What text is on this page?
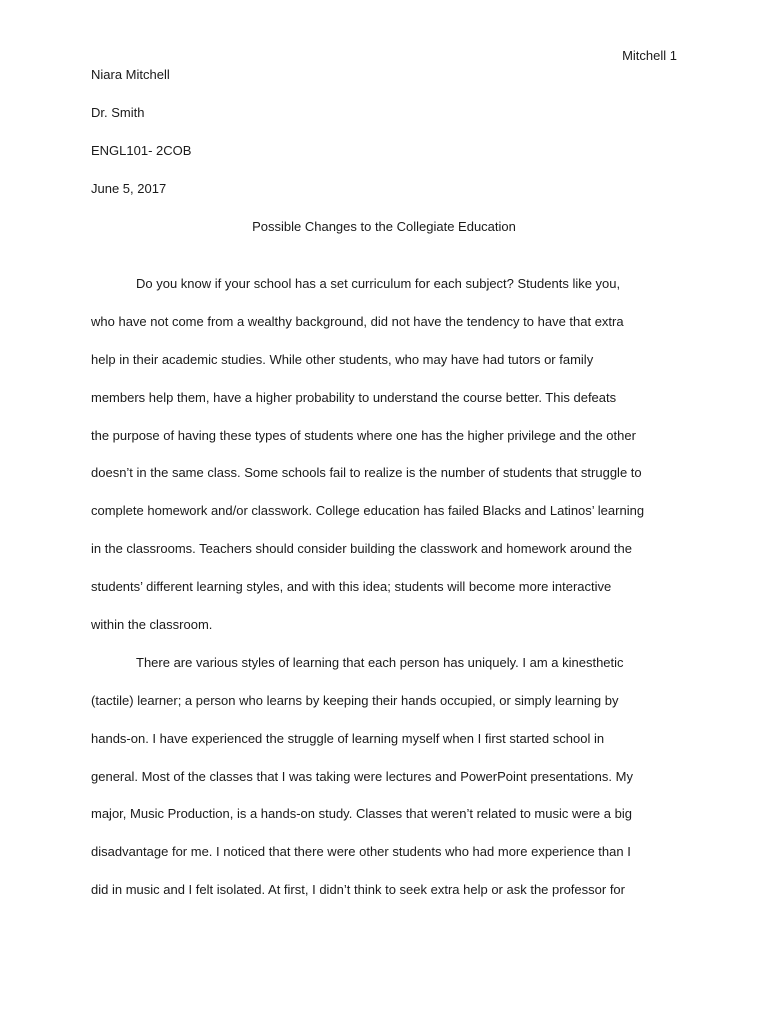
Mitchell 1
Niara Mitchell
Dr. Smith
ENGL101- 2COB
June 5, 2017
Possible Changes to the Collegiate Education
Do you know if your school has a set curriculum for each subject? Students like you,
who have not come from a wealthy background, did not have the tendency to have that extra
help in their academic studies. While other students, who may have had tutors or family
members help them, have a higher probability to understand the course better. This defeats
the purpose of having these types of students where one has the higher privilege and the other
doesn’t in the same class. Some schools fail to realize is the number of students that struggle to
complete homework and/or classwork. College education has failed Blacks and Latinos’ learning
in the classrooms. Teachers should consider building the classwork and homework around the
students’ different learning styles, and with this idea; students will become more interactive
within the classroom.
There are various styles of learning that each person has uniquely. I am a kinesthetic
(tactile) learner; a person who learns by keeping their hands occupied, or simply learning by
hands-on. I have experienced the struggle of learning myself when I first started school in
general. Most of the classes that I was taking were lectures and PowerPoint presentations. My
major, Music Production, is a hands-on study. Classes that weren’t related to music were a big
disadvantage for me. I noticed that there were other students who had more experience than I
did in music and I felt isolated. At first, I didn’t think to seek extra help or ask the professor for
